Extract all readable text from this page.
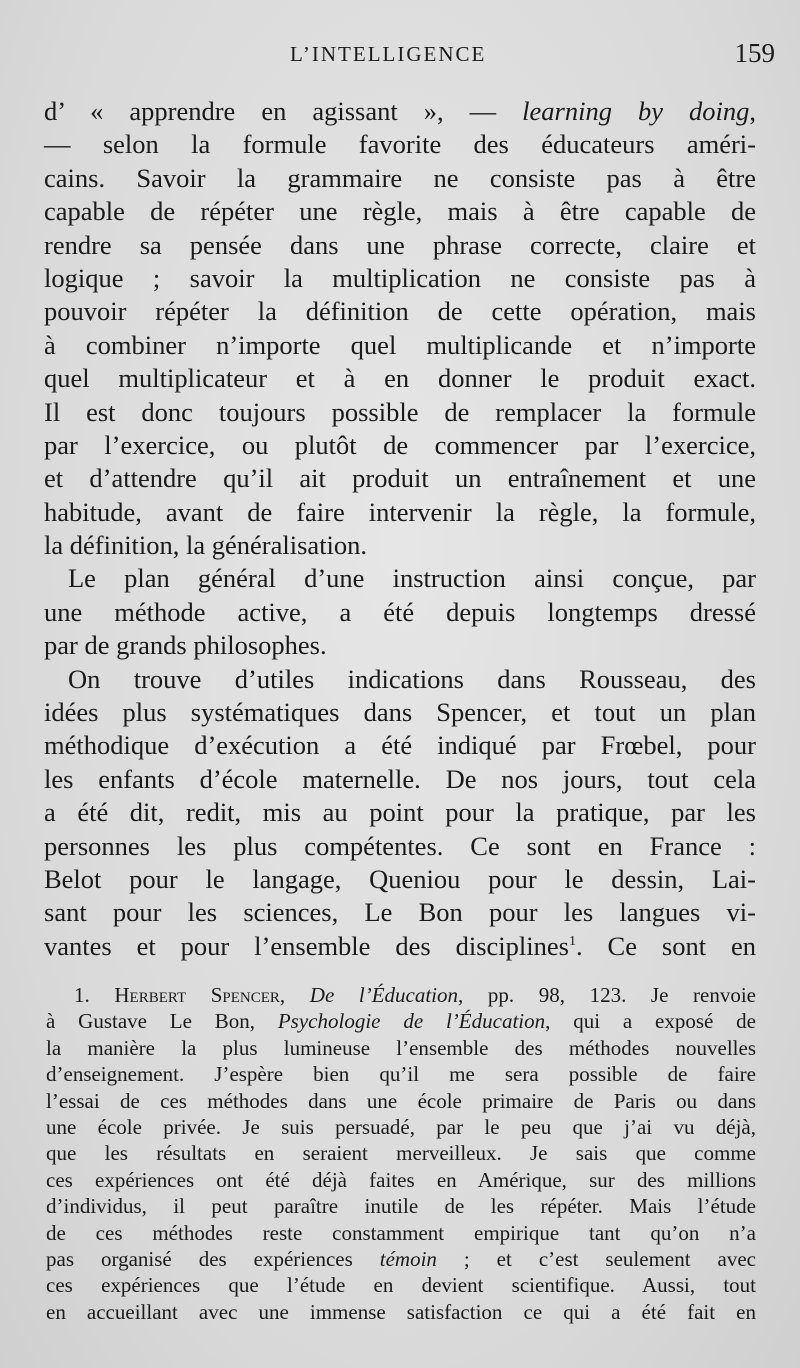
L’INTELLIGENCE	159
d’ « apprendre en agissant », — learning by doing,
— selon la formule favorite des éducateurs améri-
cains. Savoir la grammaire ne consiste pas à être
capable de répéter une règle, mais à être capable de
rendre sa pensée dans une phrase correcte, claire et
logique ; savoir la multiplication ne consiste pas à
pouvoir répéter la définition de cette opération, mais
à combiner n’importe quel multiplicande et n’importe
quel multiplicateur et à en donner le produit exact.
Il est donc toujours possible de remplacer la formule
par l’exercice, ou plutôt de commencer par l’exercice,
et d’attendre qu’il ait produit un entraînement et une
habitude, avant de faire intervenir la règle, la formule,
la définition, la généralisation.
Le plan général d’une instruction ainsi conçue, par
une méthode active, a été depuis longtemps dressé
par de grands philosophes.
On trouve d’utiles indications dans Rousseau, des
idées plus systématiques dans Spencer, et tout un plan
méthodique d’exécution a été indiqué par Frœbel, pour
les enfants d’école maternelle. De nos jours, tout cela
a été dit, redit, mis au point pour la pratique, par les
personnes les plus compétentes. Ce sont en France :
Belot pour le langage, Queniou pour le dessin, Lai-
sant pour les sciences, Le Bon pour les langues vi-
vantes et pour l’ensemble des disciplines$^1$. Ce sont en
1. Herbert Spencer, De l’Éducation, pp. 98, 123. Je renvoie
à Gustave Le Bon, Psychologie de l’Éducation, qui a exposé de
la manière la plus lumineuse l’ensemble des méthodes nouvelles
d’enseignement. J’espère bien qu’il me sera possible de faire
l’essai de ces méthodes dans une école primaire de Paris ou dans
une école privée. Je suis persuadé, par le peu que j’ai vu déjà,
que les résultats en seraient merveilleux. Je sais que comme
ces expériences ont été déjà faites en Amérique, sur des millions
d’individus, il peut paraître inutile de les répéter. Mais l’étude
de ces méthodes reste constamment empirique tant qu’on n’a
pas organisé des expériences témoin ; et c’est seulement avec
ces expériences que l’étude en devient scientifique. Aussi, tout
en accueillant avec une immense satisfaction ce qui a été fait en
